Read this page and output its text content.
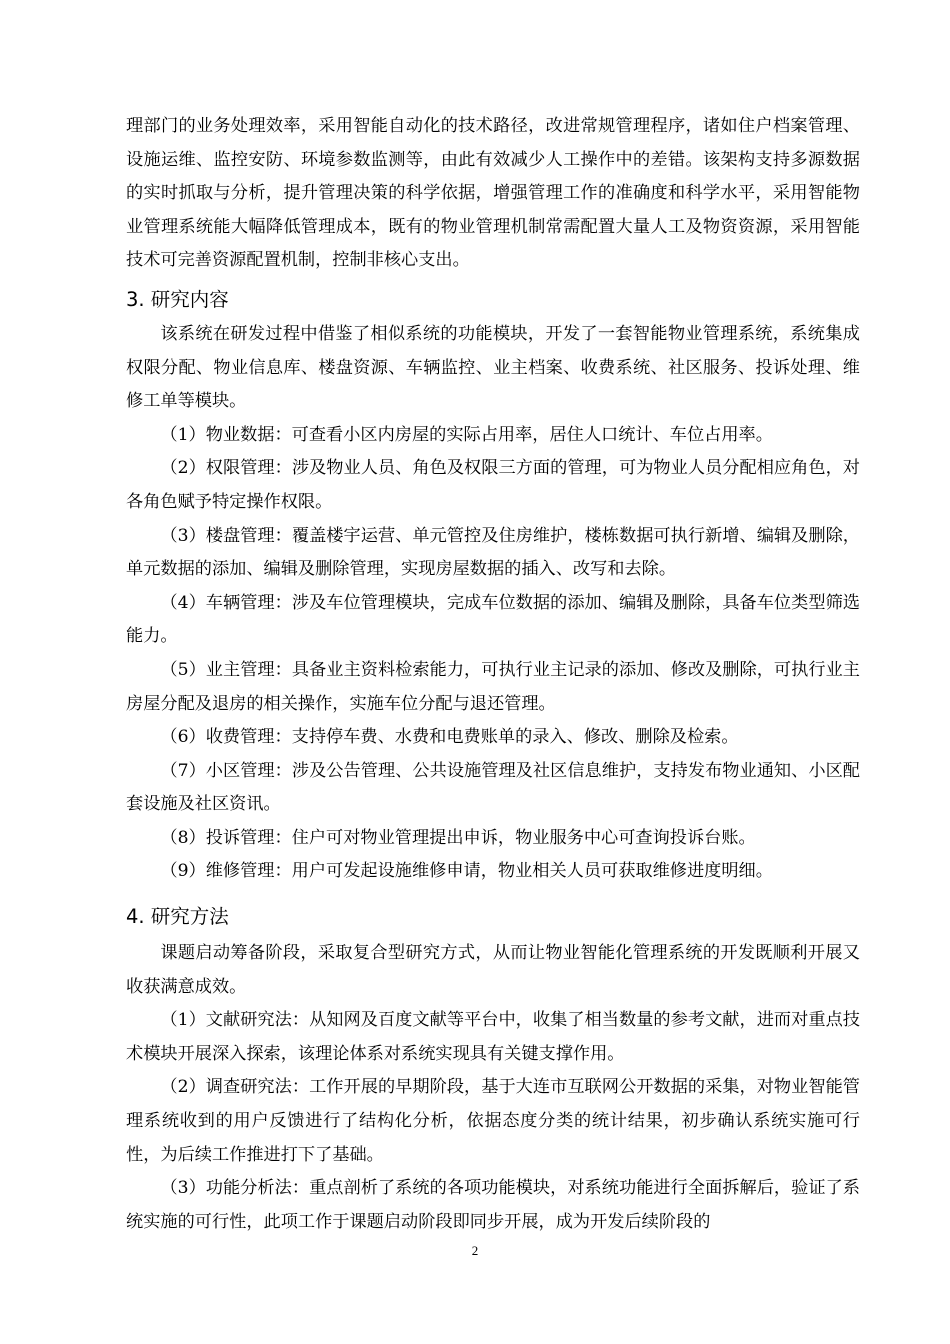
理部门的业务处理效率，采用智能自动化的技术路径，改进常规管理程序，诸如住户档案管理、设施运维、监控安防、环境参数监测等，由此有效减少人工操作中的差错。该架构支持多源数据的实时抓取与分析，提升管理决策的科学依据，增强管理工作的准确度和科学水平，采用智能物业管理系统能大幅降低管理成本，既有的物业管理机制常需配置大量人工及物资资源，采用智能技术可完善资源配置机制，控制非核心支出。

3. 研究内容

该系统在研发过程中借鉴了相似系统的功能模块，开发了一套智能物业管理系统，系统集成权限分配、物业信息库、楼盘资源、车辆监控、业主档案、收费系统、社区服务、投诉处理、维修工单等模块。

（1）物业数据：可查看小区内房屋的实际占用率，居住人口统计、车位占用率。

（2）权限管理：涉及物业人员、角色及权限三方面的管理，可为物业人员分配相应角色，对各角色赋予特定操作权限。

（3）楼盘管理：覆盖楼宇运营、单元管控及住房维护，楼栋数据可执行新增、编辑及删除，单元数据的添加、编辑及删除管理，实现房屋数据的插入、改写和去除。

（4）车辆管理：涉及车位管理模块，完成车位数据的添加、编辑及删除，具备车位类型筛选能力。

（5）业主管理：具备业主资料检索能力，可执行业主记录的添加、修改及删除，可执行业主房屋分配及退房的相关操作，实施车位分配与退还管理。

（6）收费管理：支持停车费、水费和电费账单的录入、修改、删除及检索。

（7）小区管理：涉及公告管理、公共设施管理及社区信息维护，支持发布物业通知、小区配套设施及社区资讯。

（8）投诉管理：住户可对物业管理提出申诉，物业服务中心可查询投诉台账。

（9）维修管理：用户可发起设施维修申请，物业相关人员可获取维修进度明细。

4. 研究方法

课题启动筹备阶段，采取复合型研究方式，从而让物业智能化管理系统的开发既顺利开展又收获满意成效。

（1）文献研究法：从知网及百度文献等平台中，收集了相当数量的参考文献，进而对重点技术模块开展深入探索，该理论体系对系统实现具有关键支撑作用。

（2）调查研究法：工作开展的早期阶段，基于大连市互联网公开数据的采集，对物业智能管理系统收到的用户反馈进行了结构化分析，依据态度分类的统计结果，初步确认系统实施可行性，为后续工作推进打下了基础。

（3）功能分析法：重点剖析了系统的各项功能模块，对系统功能进行全面拆解后，验证了系统实施的可行性，此项工作于课题启动阶段即同步开展，成为开发后续阶段的

2
